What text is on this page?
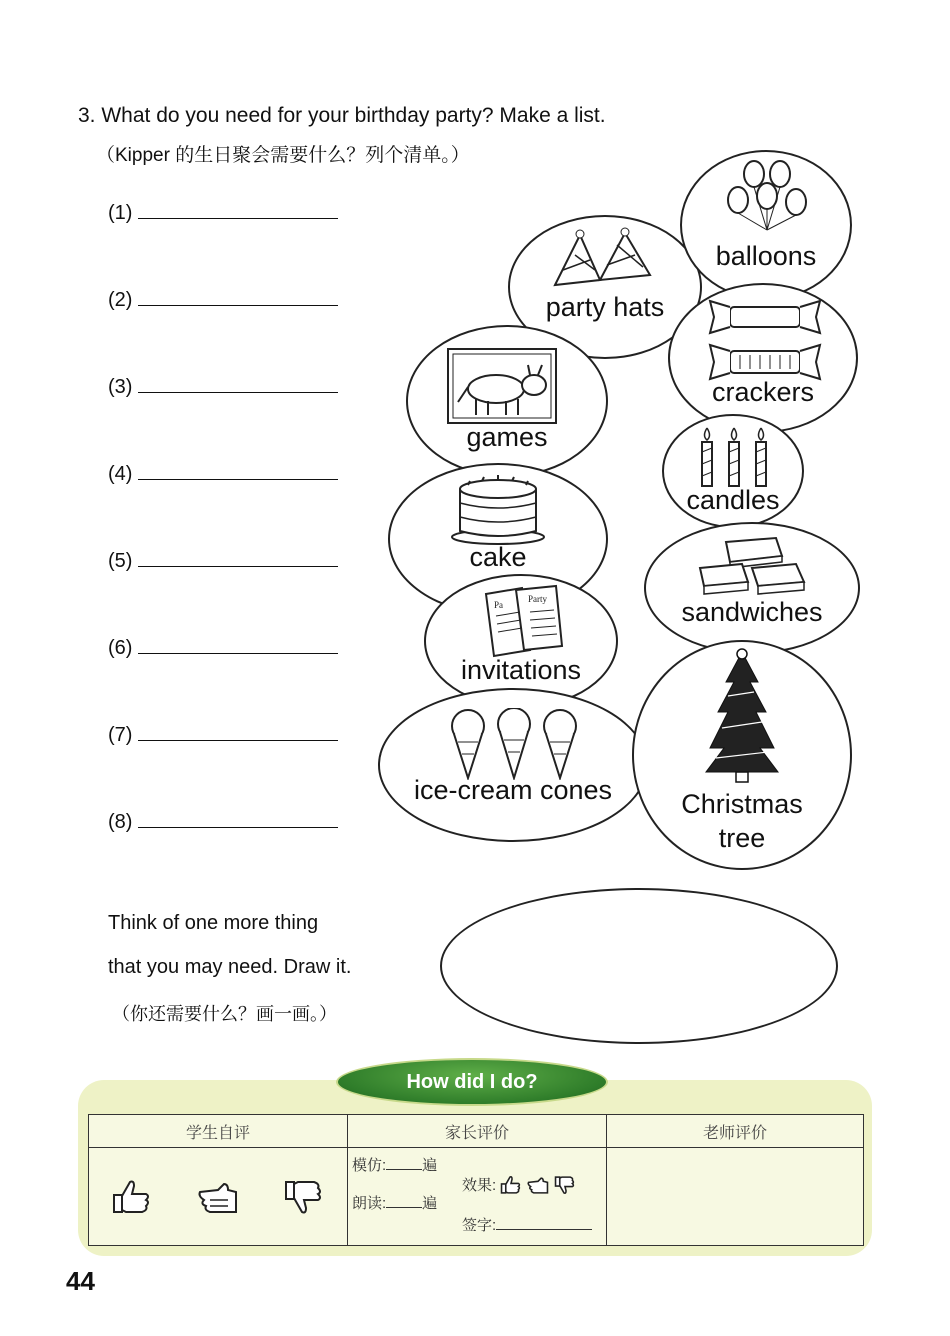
3. What do you need for your birthday party? Make a list.
（Kipper 的生日聚会需要什么？列个清单。）
(1)
(2)
(3)
(4)
(5)
(6)
(7)
(8)
party hats
balloons
crackers
games
candles
cake
sandwiches
Pa
Party
invitations
ice-cream cones	Christmas
tree
Think of one more thing
that you may need. Draw it.
（你还需要什么？画一画。）
学生自评	家长评价	老师评价

模仿: 遍
朗读: 遍
效果:
签字:	

How did I do?
44
